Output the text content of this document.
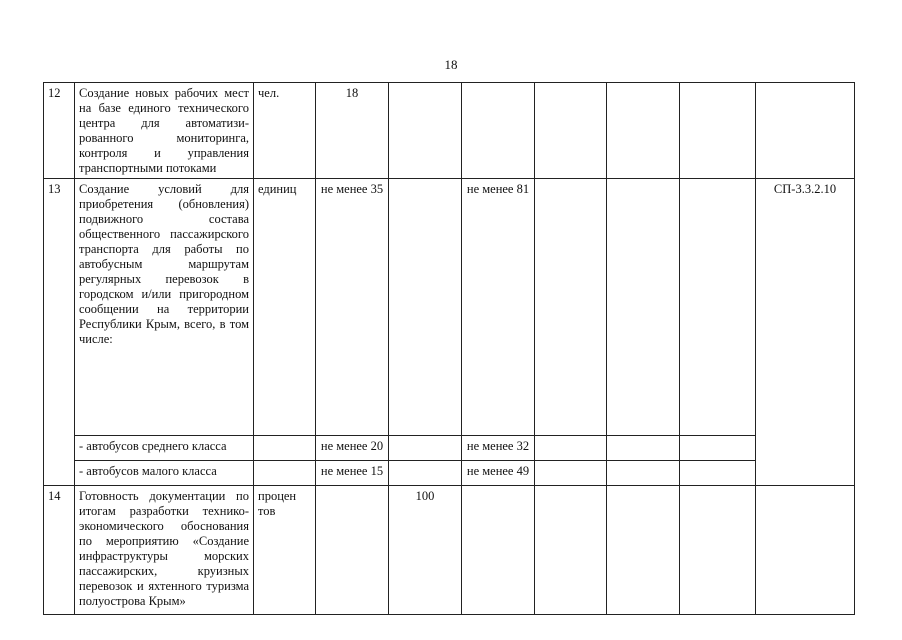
18
12	Создание новых рабочих мест на базе единого технического центра для автоматизи-рованного мониторинга, контроля и управления транспортными потоками	чел.	18						
13	Создание условий для приобретения (обновления) подвижного состава общественного пассажирского транспорта для работы по автобусным маршрутам регулярных перевозок в городском и/или пригородном сообщении на территории Республики Крым, всего, в том числе:	единиц	не менее 35		не менее 81				СП-3.3.2.10
	- автобусов среднего класса		не менее 20		не менее 32				
	- автобусов малого класса		не менее 15		не менее 49				
14	Готовность документации по итогам разработки технико-экономического обоснования по мероприятию «Создание инфраструктуры морских пассажирских, круизных перевозок и яхтенного туризма полуострова Крым»	процен тов		100					
